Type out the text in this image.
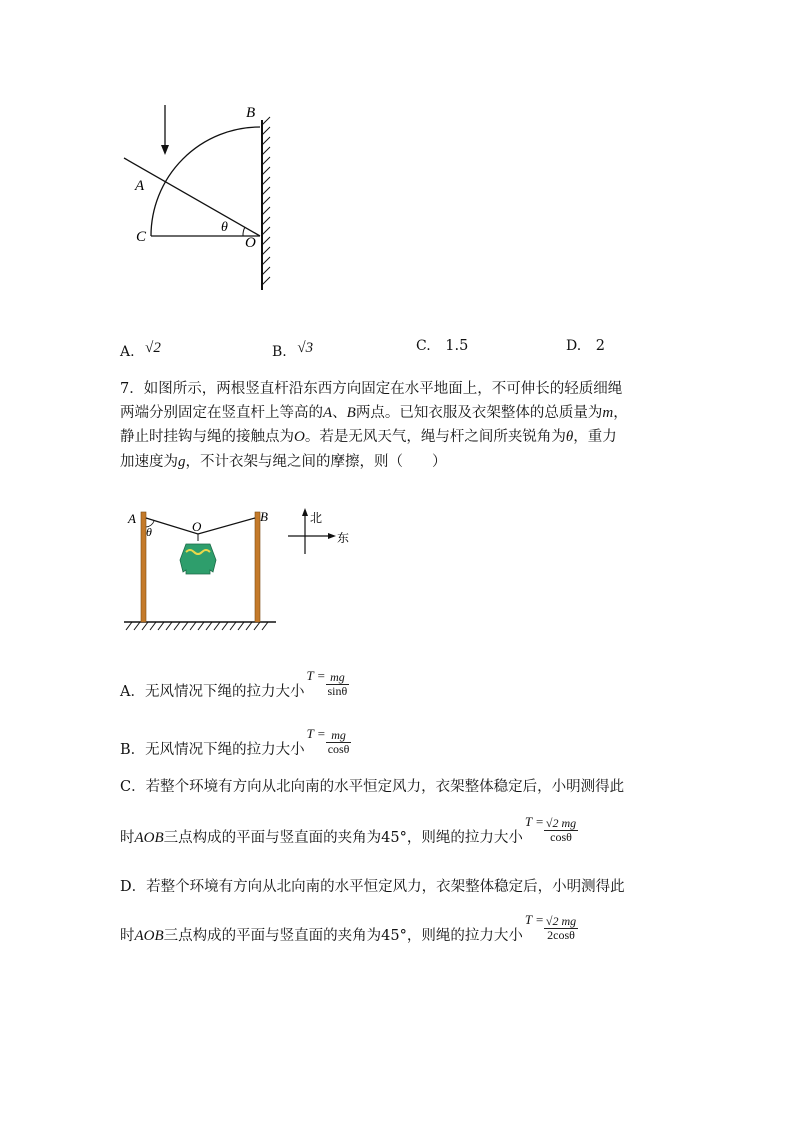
B
A
C	O
θ
A. √2	B. √3	C. 1.5	D. 2
7．如图所示，两根竖直杆沿东西方向固定在水平地面上，不可伸长的轻质细绳
两端分别固定在竖直杆上等高的A、B两点。已知衣服及衣架整体的总质量为m，
静止时挂钩与绳的接触点为O。若是无风天气，绳与杆之间所夹锐角为θ，重力
加速度为g，不计衣架与绳之间的摩擦，则（　　）
A	B
O
θ
北
东
A．无风情况下绳的拉力大小$T = \frac{mg}{\sin\theta}$
B．无风情况下绳的拉力大小$T = \frac{mg}{\cos\theta}$
C．若整个环境有方向从北向南的水平恒定风力，衣架整体稳定后，小明测得此
时AOB三点构成的平面与竖直面的夹角为45°，则绳的拉力大小$T = \frac{√2 mg}{\cos\theta}$
D．若整个环境有方向从北向南的水平恒定风力，衣架整体稳定后，小明测得此
时AOB三点构成的平面与竖直面的夹角为45°，则绳的拉力大小$T = \frac{√2 mg}{2\cos\theta}$
